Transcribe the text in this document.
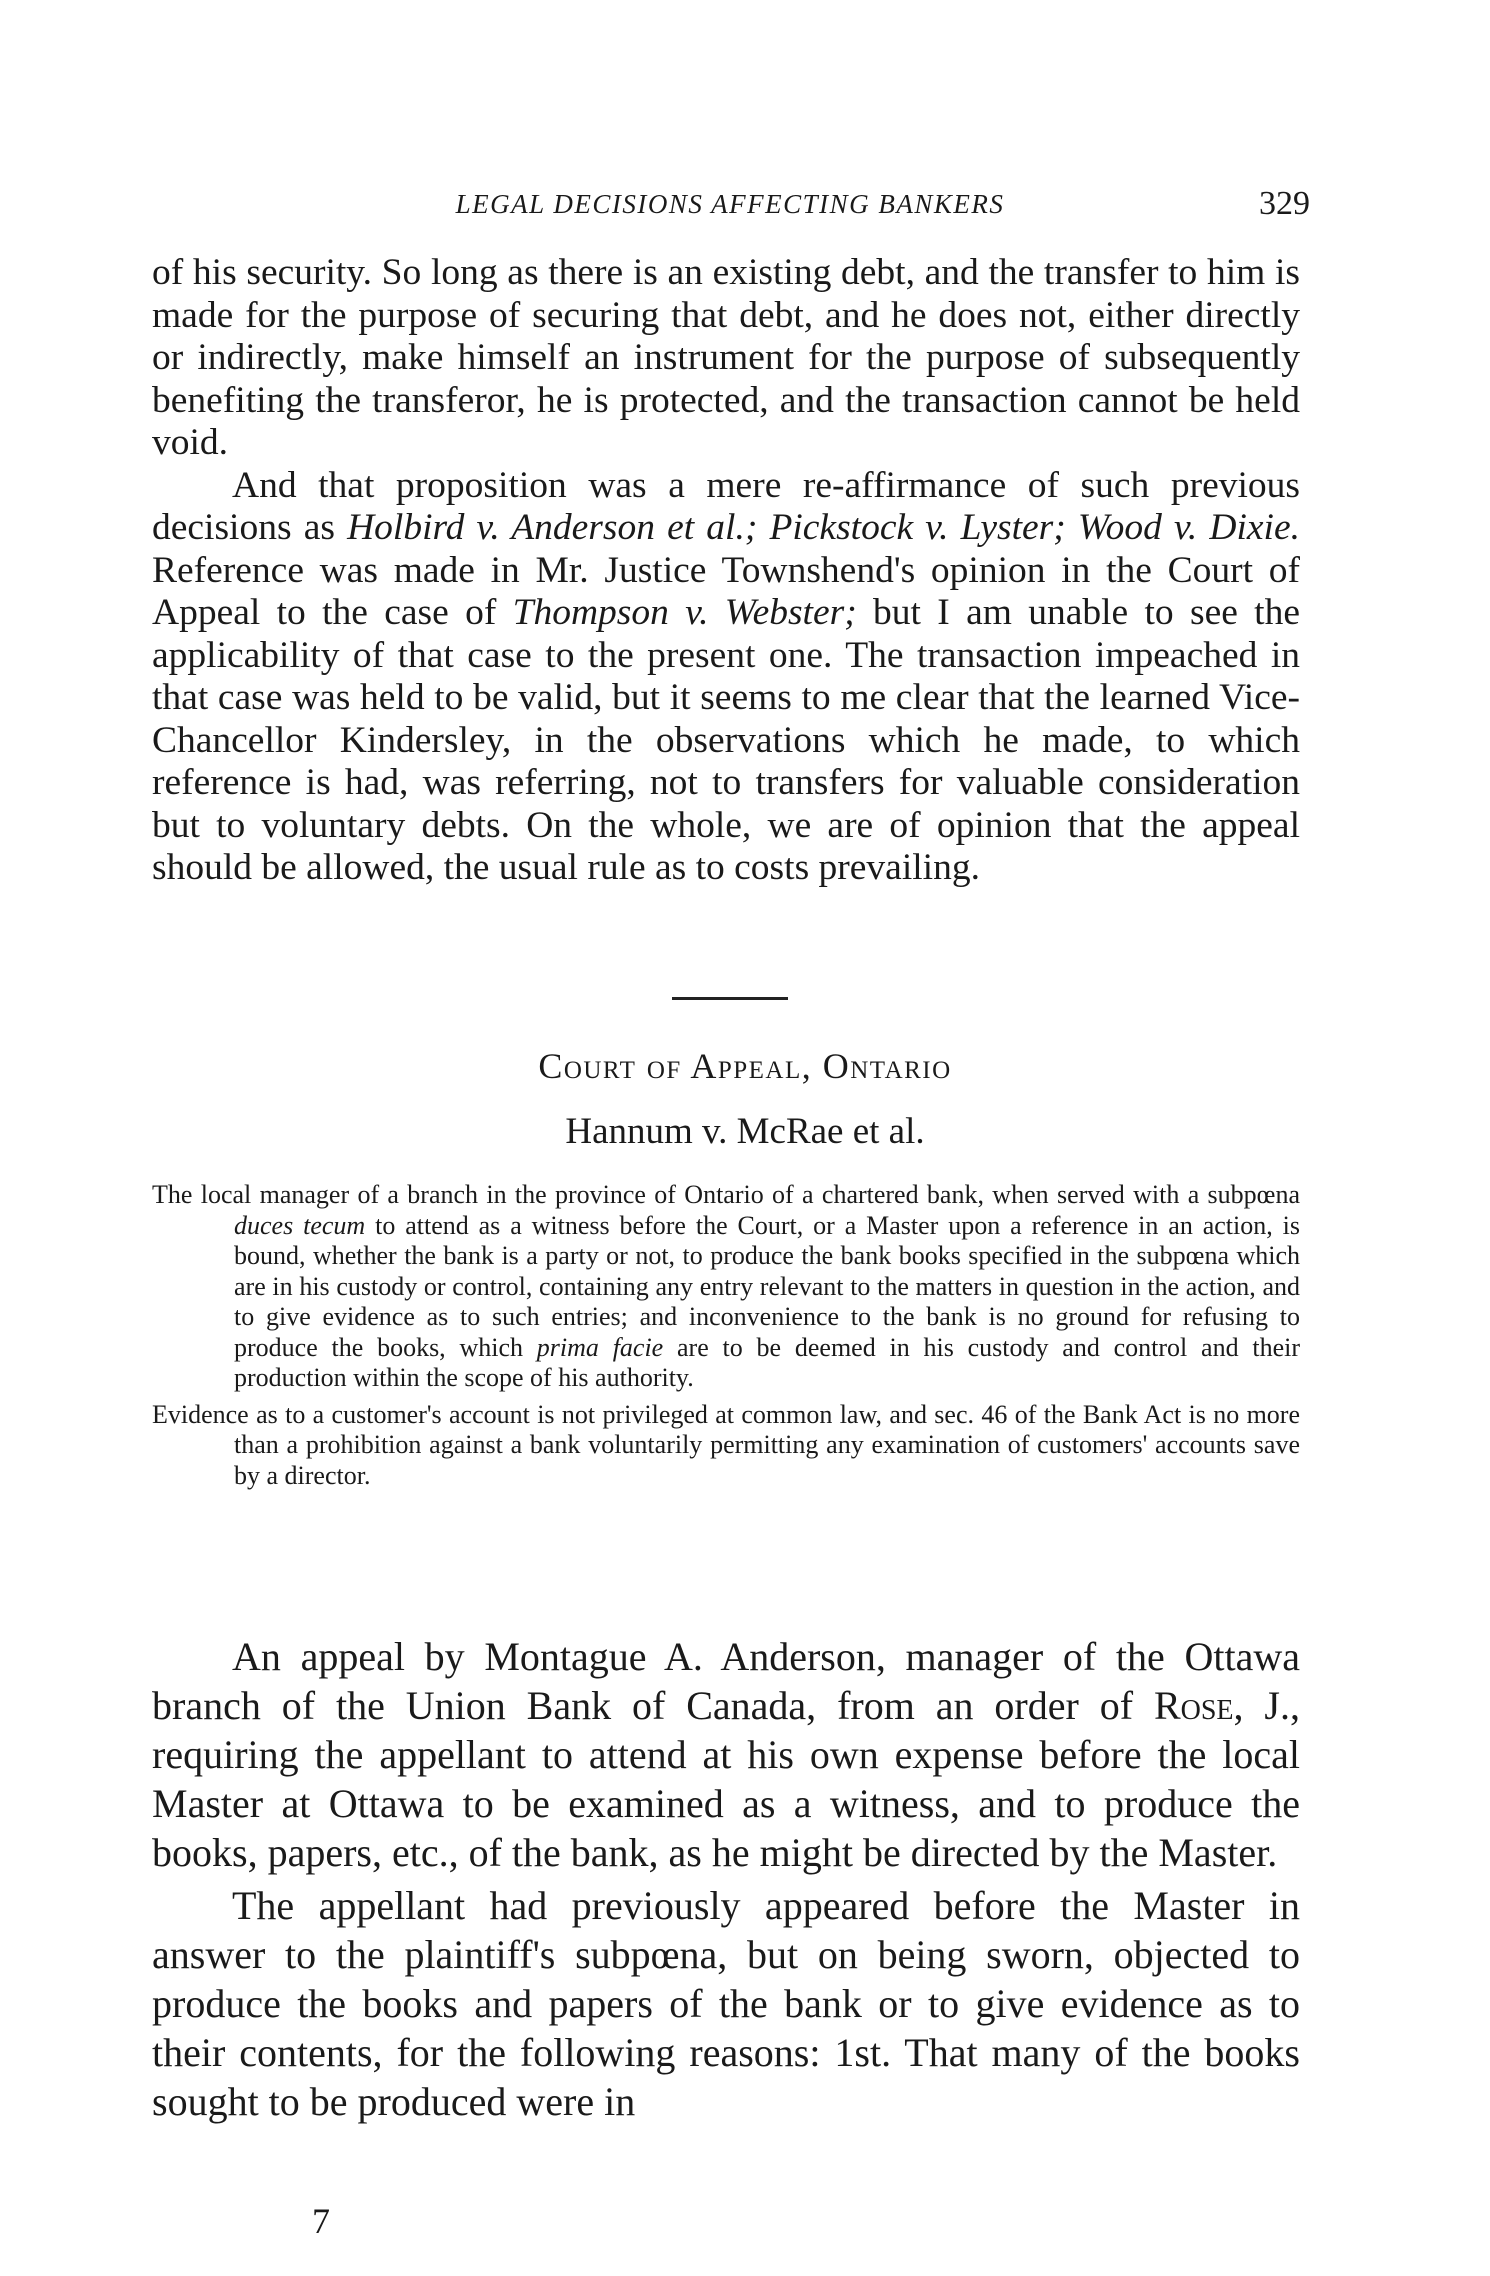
LEGAL DECISIONS AFFECTING BANKERS	329

of his security. So long as there is an existing debt, and the transfer to him is made for the purpose of securing that debt, and he does not, either directly or indirectly, make himself an instrument for the purpose of subsequently benefiting the transferor, he is protected, and the transaction cannot be held void.

And that proposition was a mere re-affirmance of such previous decisions as Holbird v. Anderson et al.; Pickstock v. Lyster; Wood v. Dixie. Reference was made in Mr. Justice Townshend's opinion in the Court of Appeal to the case of Thompson v. Webster; but I am unable to see the applicability of that case to the present one. The transaction impeached in that case was held to be valid, but it seems to me clear that the learned Vice-Chancellor Kindersley, in the observations which he made, to which reference is had, was referring, not to transfers for valuable consideration but to voluntary debts. On the whole, we are of opinion that the appeal should be allowed, the usual rule as to costs prevailing.

Court of Appeal, Ontario
Hannum v. McRae et al.

The local manager of a branch in the province of Ontario of a chartered bank, when served with a subpœna duces tecum to attend as a witness before the Court, or a Master upon a reference in an action, is bound, whether the bank is a party or not, to produce the bank books specified in the subpœna which are in his custody or control, containing any entry relevant to the matters in question in the action, and to give evidence as to such entries; and inconvenience to the bank is no ground for refusing to produce the books, which prima facie are to be deemed in his custody and control and their production within the scope of his authority.

Evidence as to a customer's account is not privileged at common law, and sec. 46 of the Bank Act is no more than a prohibition against a bank voluntarily permitting any examination of customers' accounts save by a director.

An appeal by Montague A. Anderson, manager of the Ottawa branch of the Union Bank of Canada, from an order of Rose, J., requiring the appellant to attend at his own expense before the local Master at Ottawa to be examined as a witness, and to produce the books, papers, etc., of the bank, as he might be directed by the Master.

The appellant had previously appeared before the Master in answer to the plaintiff's subpœna, but on being sworn, objected to produce the books and papers of the bank or to give evidence as to their contents, for the following reasons: 1st. That many of the books sought to be produced were in

7
